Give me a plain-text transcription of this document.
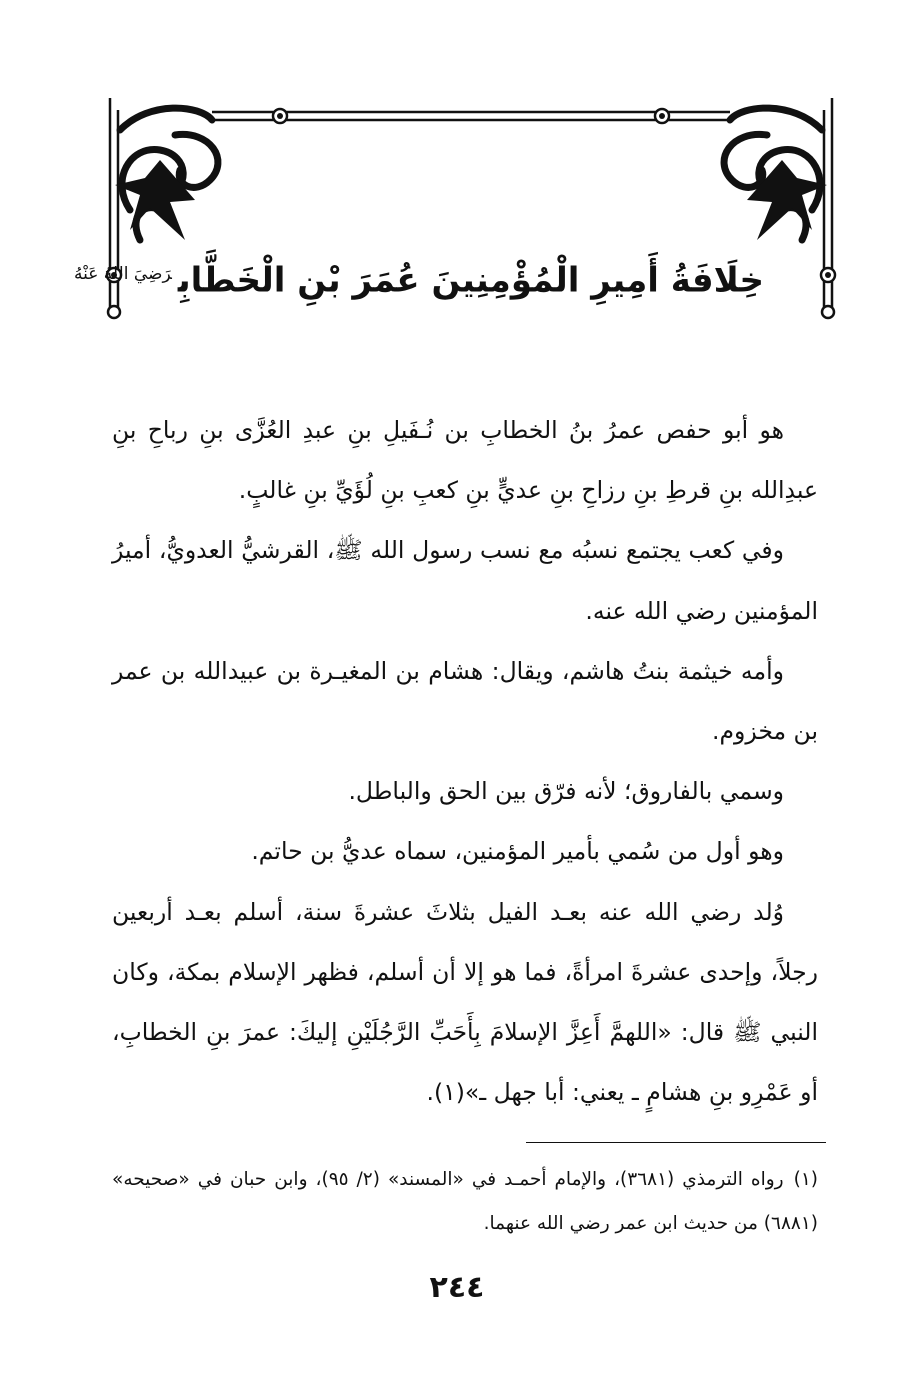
خِلَافَةُ أَمِيرِ الْمُؤْمِنِينَ عُمَرَ بْنِ الْخَطَّابِ$^{رَضِيَ اللهُ عَنْهُ}$

هو أبو حفص عمرُ بنُ الخطابِ بن نُـفَيلِ بنِ عبدِ العُزَّى بنِ رباحِ بنِ عبدِالله بنِ قرطِ بنِ رزاحِ بنِ عديٍّ بنِ كعبِ بنِ لُؤَيِّ بنِ غالبٍ.

وفي كعب يجتمع نسبُه مع نسب رسول الله ﷺ، القرشيُّ العدويُّ، أميرُ المؤمنين رضي الله عنه.

وأمه خيثمة بنتُ هاشم، ويقال: هشام بن المغيـرة بن عبيدالله بن عمر بن مخزوم.

وسمي بالفاروق؛ لأنه فرّق بين الحق والباطل.

وهو أول من سُمي بأمير المؤمنين، سماه عديُّ بن حاتم.

وُلد رضي الله عنه بعـد الفيل بثلاثَ عشرةَ سنة، أسلم بعـد أربعين رجلاً، وإحدى عشرةَ امرأةً، فما هو إلا أن أسلم، فظهر الإسلام بمكة، وكان النبي ﷺ قال: «اللهمَّ أَعِزَّ الإسلامَ بِأَحَبِّ الرَّجُلَيْنِ إليكَ: عمرَ بنِ الخطابِ، أو عَمْرِو بنِ هشامٍ ـ يعني: أبا جهل ـ»(١).

(١)رواه الترمذي (٣٦٨١)، والإمام أحمـد في «المسند» (٢/ ٩٥)، وابن حبان في «صحيحه» (٦٨٨١) من حديث ابن عمر رضي الله عنهما.
٢٤٤
